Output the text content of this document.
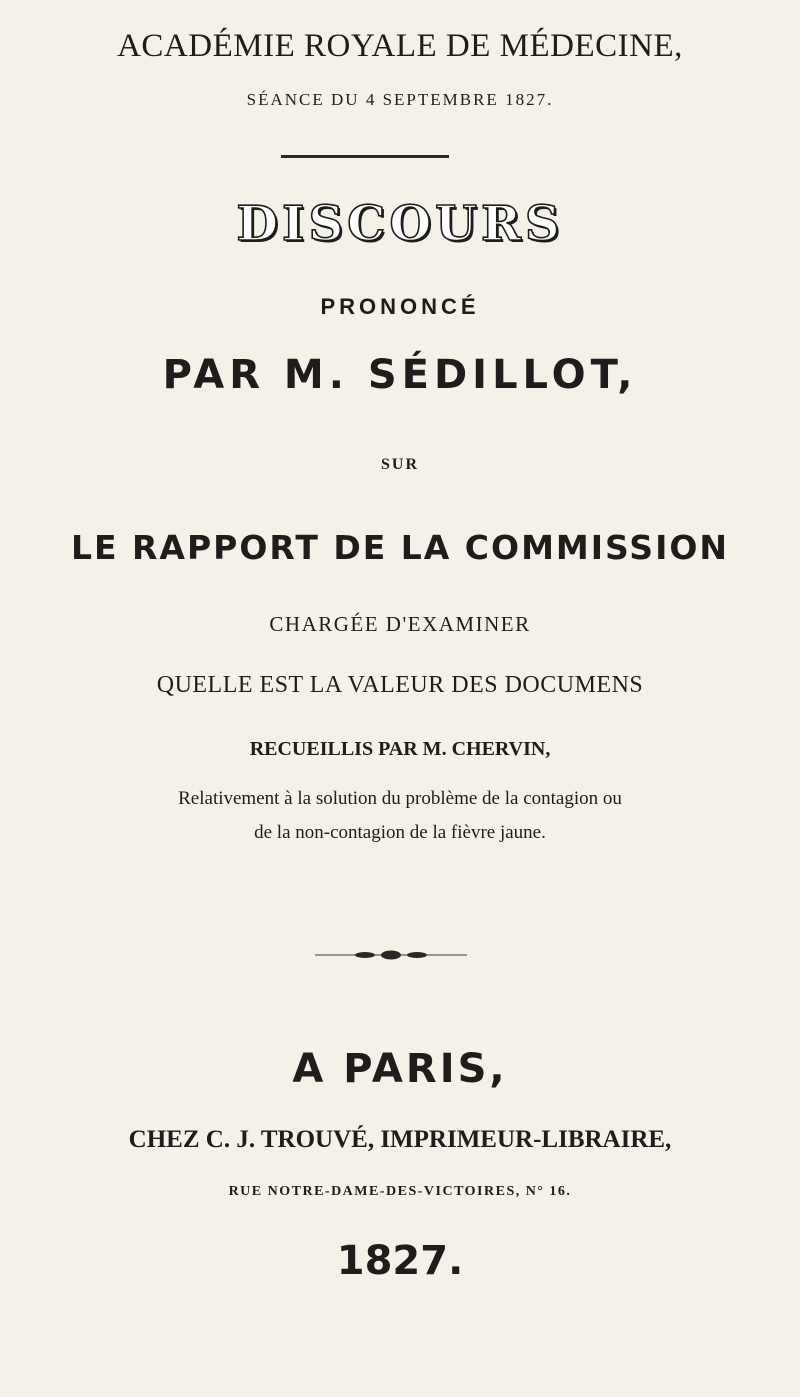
ACADÉMIE ROYALE DE MÉDECINE,
SÉANCE DU 4 SEPTEMBRE 1827.
DISCOURS
PRONONCÉ
PAR M. SÉDILLOT,
SUR
LE RAPPORT DE LA COMMISSION
CHARGÉE D'EXAMINER
QUELLE EST LA VALEUR DES DOCUMENS
RECUEILLIS PAR M. CHERVIN,
Relativement à la solution du problème de la contagion ou
de la non-contagion de la fièvre jaune.
A PARIS,
CHEZ C. J. TROUVÉ, IMPRIMEUR-LIBRAIRE,
RUE NOTRE-DAME-DES-VICTOIRES, N° 16.
1827.
